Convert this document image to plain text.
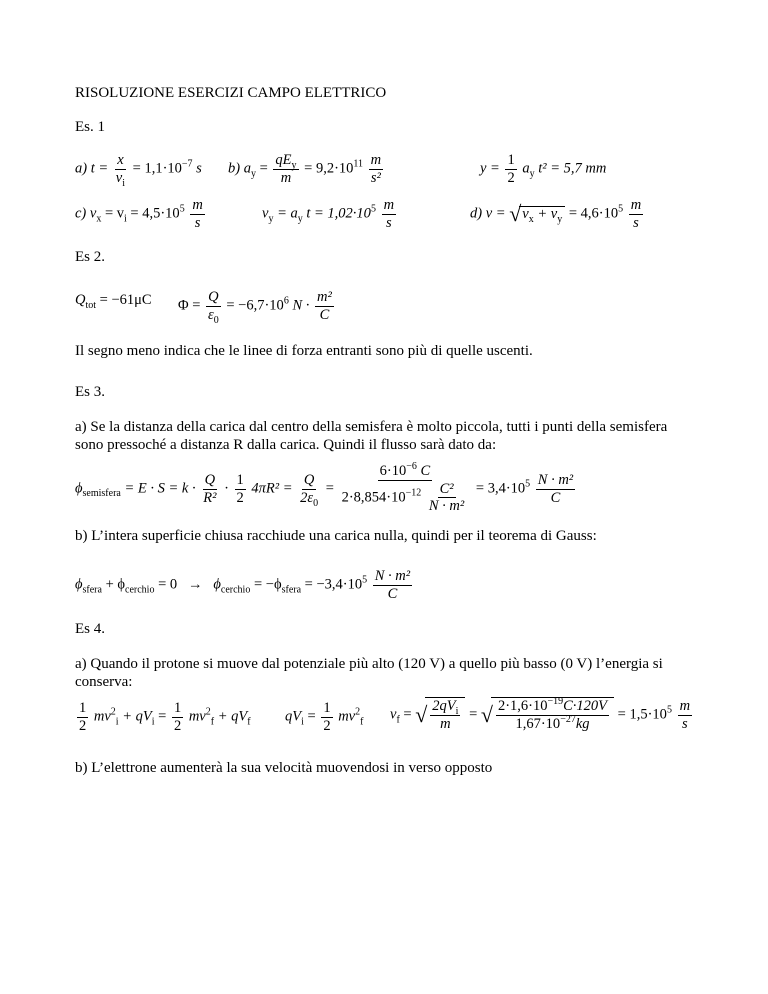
RISOLUZIONE ESERCIZI CAMPO ELETTRICO
Es. 1
a) $t = \frac{x}{v_i} = 1,1\cdot 10^{-7}$ s b) $a_y = \frac{qE_y}{m} = 9,2\cdot 10^{11} \frac{m}{\text{s²}}$	$y = \frac{1}{2} a_y$ t² = 5,7 mm
c) $v_x = v_i = 4,5\cdot 10^5 \frac{m}{s}$	$v_y = a_y$ $t = 1,02\cdot 10^5 \frac{m}{s}$	d) $v = √v_x + v_y = 4,6\cdot 10^5 \frac{m}{s}$
Es 2.
$Q_{tot} = -61\mu C$ $\Phi = \frac{Q}{\varepsilon_0} = -6,7\cdot 10^6$ $N \cdot \frac{\text{m²}}{C}$
Il segno meno indica che le linee di forza entranti sono più di quelle uscenti.
Es 3.
a) Se la distanza della carica dal centro della semisfera è molto piccola, tutti i punti della semisfera sono pressoché a distanza R dalla carica. Quindi il flusso sarà dato da:
$\phi_{semisfera} = E \cdot S = k \cdot \frac{Q}{\text{R²}} \cdot \frac{1}{2} 4\pi R^2 = \frac{Q}{2\varepsilon_0} = \frac{6\cdot 10^{-6} C}{2\cdot 8,854\cdot 10^{-12} \frac{\text{C²}}{\text{N · m²}}} = 3,4\cdot 10^5 \frac{\text{N · m²}}{C}$
b) L’intera superficie chiusa racchiude una carica nulla, quindi per il teorema di Gauss:
$\phi_{sfera} + \phi_{cerchio} = 0 \to \phi_{cerchio} = -\phi_{sfera} = -3,4\cdot 10^5 \frac{\text{N · m²}}{C}$
Es 4.
a) Quando il protone si muove dal potenziale più alto (120 V) a quello più basso (0 V) l’energia si conserva:
$\frac{1}{2} mv^2_i + qV_i = \frac{1}{2} mv^2_f + qV_f$ $qV_i = \frac{1}{2} mv^2_f$ $v_f$ = √ $\frac{2qV_i}{m}$ = √ $\frac{2\cdot 1,6\cdot 10^{-19}C\cdot 120V}{1,67\cdot 10^{-27}kg} = 1,5\cdot 10^5 \frac{m}{s}$
b) L’elettrone aumenterà la sua velocità muovendosi in verso opposto
